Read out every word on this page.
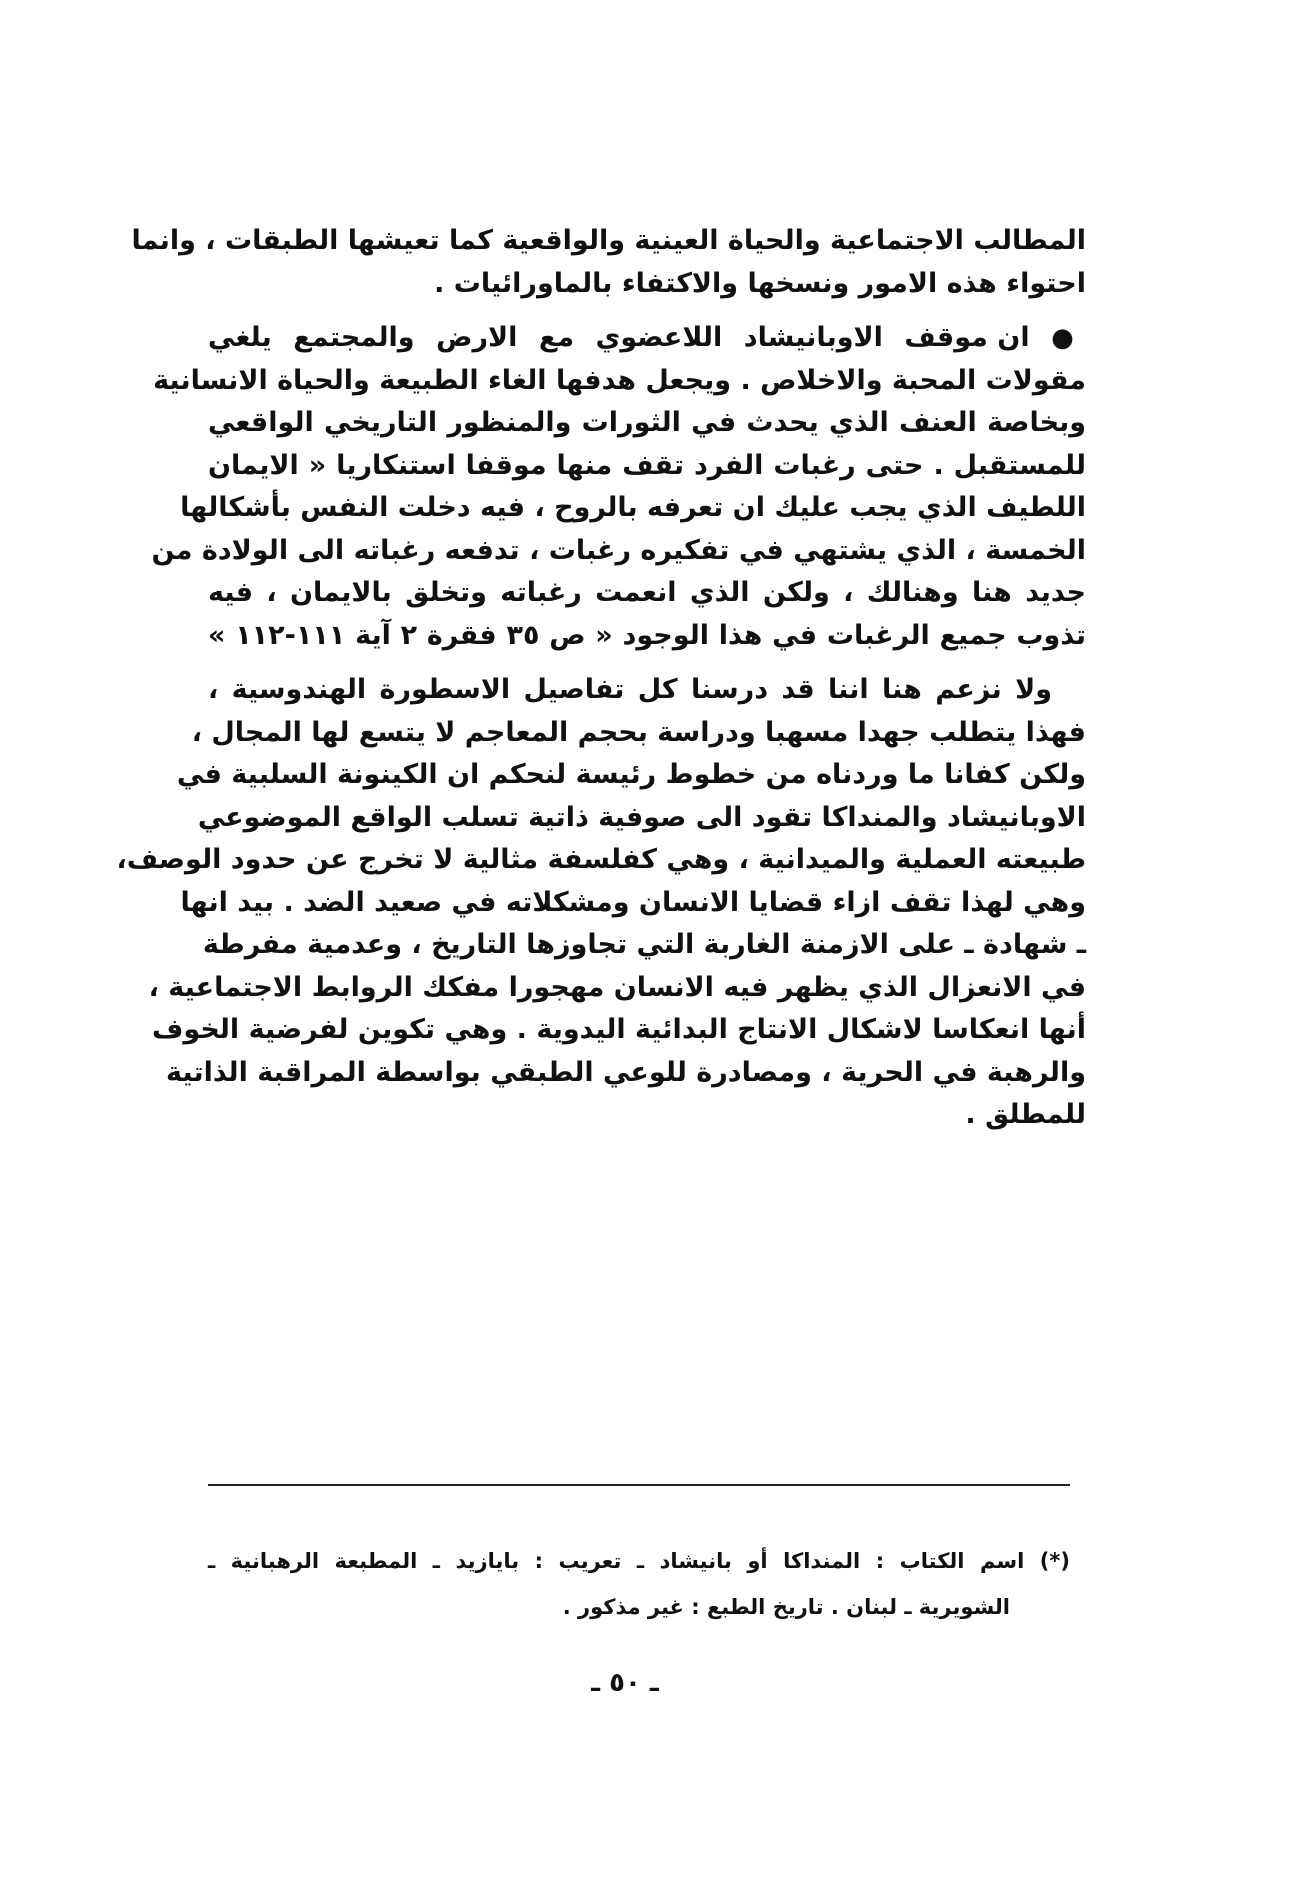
المطالب الاجتماعية والحياة العينية والواقعية كما تعيشها الطبقات ، وانما
احتواء هذه الامور ونسخها والاكتفاء بالماورائيات .
● ان موقف الاوبانيشاد اللاعضوي مع الارض والمجتمع يلغي
مقولات المحبة والاخلاص . ويجعل هدفها الغاء الطبيعة والحياة الانسانية
وبخاصة العنف الذي يحدث في الثورات والمنظور التاريخي الواقعي
للمستقبل . حتى رغبات الفرد تقف منها موقفا استنكاريا « الايمان
اللطيف الذي يجب عليك ان تعرفه بالروح ، فيه دخلت النفس بأشكالها
الخمسة ، الذي يشتهي في تفكيره رغبات ، تدفعه رغباته الى الولادة من
جديد هنا وهنالك ، ولكن الذي انعمت رغباته وتخلق بالايمان ، فيه
تذوب جميع الرغبات في هذا الوجود « ص ٣٥ فقرة ٢ آية ١١١-١١٢ »
ولا نزعم هنا اننا قد درسنا كل تفاصيل الاسطورة الهندوسية ،
فهذا يتطلب جهدا مسهبا ودراسة بحجم المعاجم لا يتسع لها المجال ،
ولكن كفانا ما وردناه من خطوط رئيسة لنحكم ان الكينونة السلبية في
الاوبانيشاد والمنداكا تقود الى صوفية ذاتية تسلب الواقع الموضوعي
طبيعته العملية والميدانية ، وهي كفلسفة مثالية لا تخرج عن حدود الوصف،
وهي لهذا تقف ازاء قضايا الانسان ومشكلاته في صعيد الضد . بيد انها
ـ شهادة ـ على الازمنة الغاربة التي تجاوزها التاريخ ، وعدمية مفرطة
في الانعزال الذي يظهر فيه الانسان مهجورا مفكك الروابط الاجتماعية ،
أنها انعكاسا لاشكال الانتاج البدائية اليدوية . وهي تكوين لفرضية الخوف
والرهبة في الحرية ، ومصادرة للوعي الطبقي بواسطة المراقبة الذاتية
للمطلق .
(*) اسم الكتاب : المنداكا أو بانيشاد ـ تعريب : بايازيد ـ المطبعة الرهبانية ـ
الشويرية ـ لبنان . تاريخ الطبع : غير مذكور .
ـ ٥٠ ـ
